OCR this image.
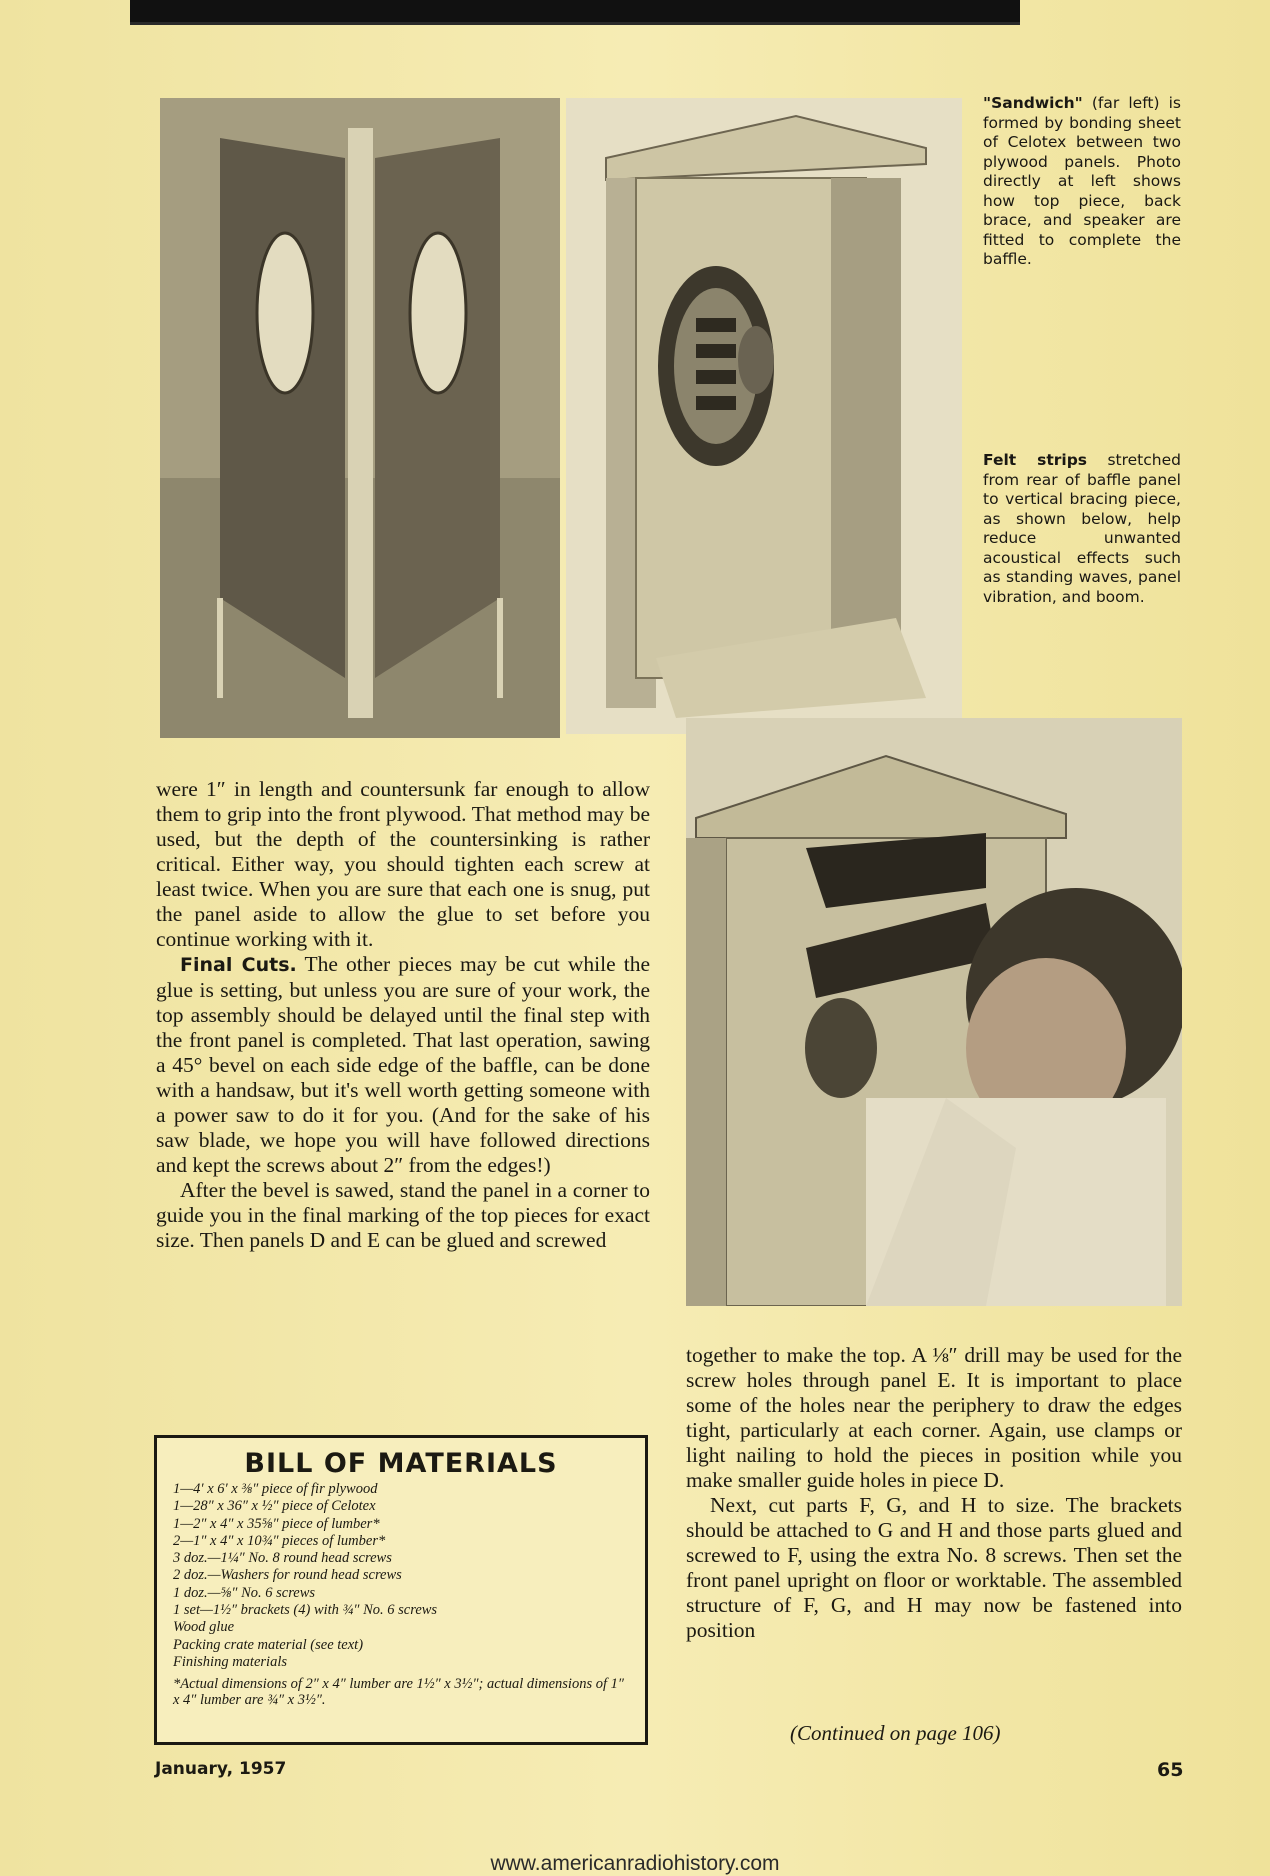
"Sandwich" (far left) is formed by bonding sheet of Celotex between two plywood panels. Photo directly at left shows how top piece, back brace, and speaker are fitted to complete the baffle.
Felt strips stretched from rear of baffle panel to vertical bracing piece, as shown below, help reduce unwanted acoustical effects such as standing waves, panel vibration, and boom.

were 1″ in length and countersunk far enough to allow them to grip into the front plywood. That method may be used, but the depth of the countersinking is rather critical. Either way, you should tighten each screw at least twice. When you are sure that each one is snug, put the panel aside to allow the glue to set before you continue working with it.

Final Cuts. The other pieces may be cut while the glue is setting, but unless you are sure of your work, the top assembly should be delayed until the final step with the front panel is completed. That last operation, sawing a 45° bevel on each side edge of the baffle, can be done with a handsaw, but it's well worth getting someone with a power saw to do it for you. (And for the sake of his saw blade, we hope you will have followed directions and kept the screws about 2″ from the edges!)

After the bevel is sawed, stand the panel in a corner to guide you in the final marking of the top pieces for exact size. Then panels D and E can be glued and screwed

BILL OF MATERIALS
1—4′ x 6′ x ⅜″ piece of fir plywood
1—28″ x 36″ x ½″ piece of Celotex
1—2″ x 4″ x 35⅝″ piece of lumber*
2—1″ x 4″ x 10¾″ pieces of lumber*
3 doz.—1¼″ No. 8 round head screws
2 doz.—Washers for round head screws
1 doz.—⅝″ No. 6 screws
1 set—1½″ brackets (4) with ¾″ No. 6 screws
Wood glue
Packing crate material (see text)
Finishing materials
*Actual dimensions of 2″ x 4″ lumber are 1½″ x 3½″; actual dimensions of 1″ x 4″ lumber are ¾″ x 3½″.

together to make the top. A ⅛″ drill may be used for the screw holes through panel E. It is important to place some of the holes near the periphery to draw the edges tight, particularly at each corner. Again, use clamps or light nailing to hold the pieces in position while you make smaller guide holes in piece D.

Next, cut parts F, G, and H to size. The brackets should be attached to G and H and those parts glued and screwed to F, using the extra No. 8 screws. Then set the front panel upright on floor or worktable. The assembled structure of F, G, and H may now be fastened into position

(Continued on page 106)
January, 1957	65
www.americanradiohistory.com
